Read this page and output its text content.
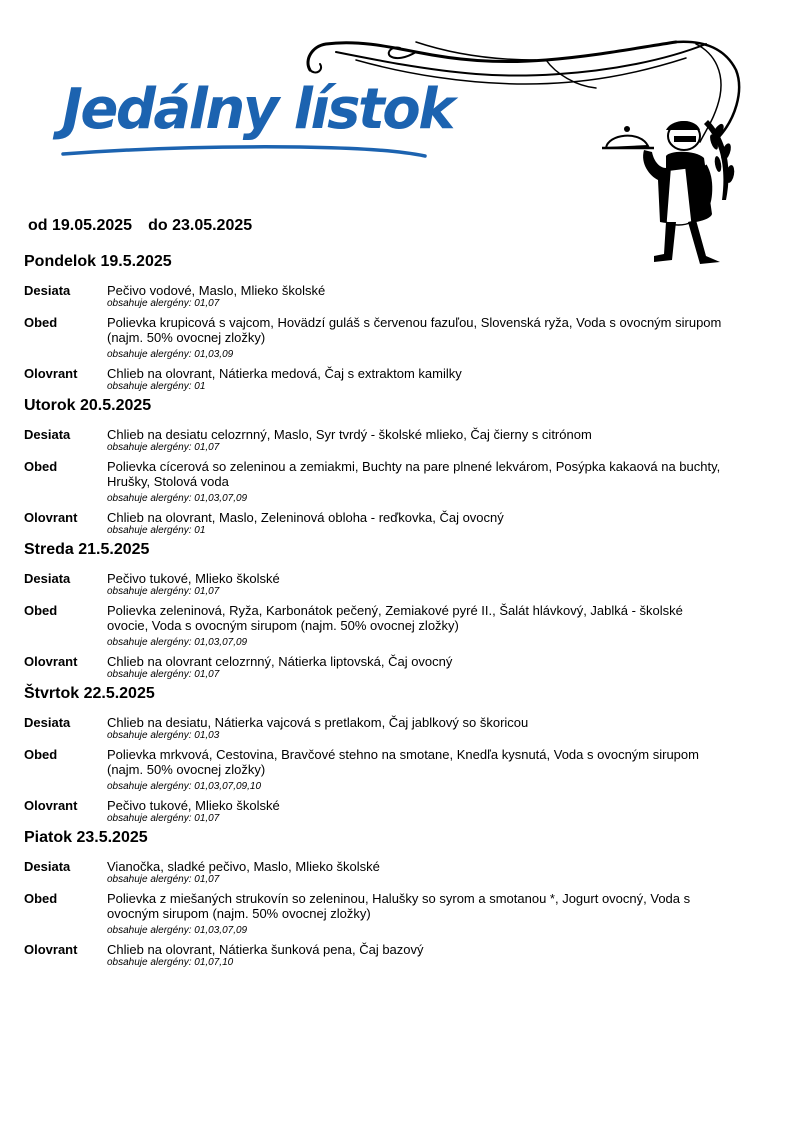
Jedálny lístok
od 19.05.2025 do 23.05.2025
Pondelok 19.5.2025
Desiata	Pečivo vodové, Maslo, Mlieko školské
obsahuje alergény: 01,07
Obed	Polievka krupicová s vajcom, Hovädzí guláš s červenou fazuľou, Slovenská ryža, Voda s ovocným sirupom (najm. 50% ovocnej zložky)
obsahuje alergény: 01,03,09
Olovrant	Chlieb na olovrant, Nátierka medová, Čaj s extraktom kamilky
obsahuje alergény: 01
Utorok 20.5.2025
Desiata	Chlieb na desiatu celozrnný, Maslo, Syr tvrdý - školské mlieko, Čaj čierny s citrónom
obsahuje alergény: 01,07
Obed	Polievka cícerová so zeleninou a zemiakmi, Buchty na pare plnené lekvárom, Posýpka kakaová na buchty, Hrušky, Stolová voda
obsahuje alergény: 01,03,07,09
Olovrant	Chlieb na olovrant, Maslo, Zeleninová obloha - reďkovka, Čaj ovocný
obsahuje alergény: 01
Streda 21.5.2025
Desiata	Pečivo tukové, Mlieko školské
obsahuje alergény: 01,07
Obed	Polievka zeleninová, Ryža, Karbonátok pečený, Zemiakové pyré II., Šalát hlávkový, Jablká - školské ovocie, Voda s ovocným sirupom (najm. 50% ovocnej zložky)
obsahuje alergény: 01,03,07,09
Olovrant	Chlieb na olovrant celozrnný, Nátierka liptovská, Čaj ovocný
obsahuje alergény: 01,07
Štvrtok 22.5.2025
Desiata	Chlieb na desiatu, Nátierka vajcová s pretlakom, Čaj jablkový so škoricou
obsahuje alergény: 01,03
Obed	Polievka mrkvová, Cestovina, Bravčové stehno na smotane, Knedľa kysnutá, Voda s ovocným sirupom (najm. 50% ovocnej zložky)
obsahuje alergény: 01,03,07,09,10
Olovrant	Pečivo tukové, Mlieko školské
obsahuje alergény: 01,07
Piatok 23.5.2025
Desiata	Vianočka, sladké pečivo, Maslo, Mlieko školské
obsahuje alergény: 01,07
Obed	Polievka z miešaných strukovín so zeleninou, Halušky so syrom a smotanou *, Jogurt ovocný, Voda s ovocným sirupom (najm. 50% ovocnej zložky)
obsahuje alergény: 01,03,07,09
Olovrant	Chlieb na olovrant, Nátierka šunková pena, Čaj bazový
obsahuje alergény: 01,07,10
